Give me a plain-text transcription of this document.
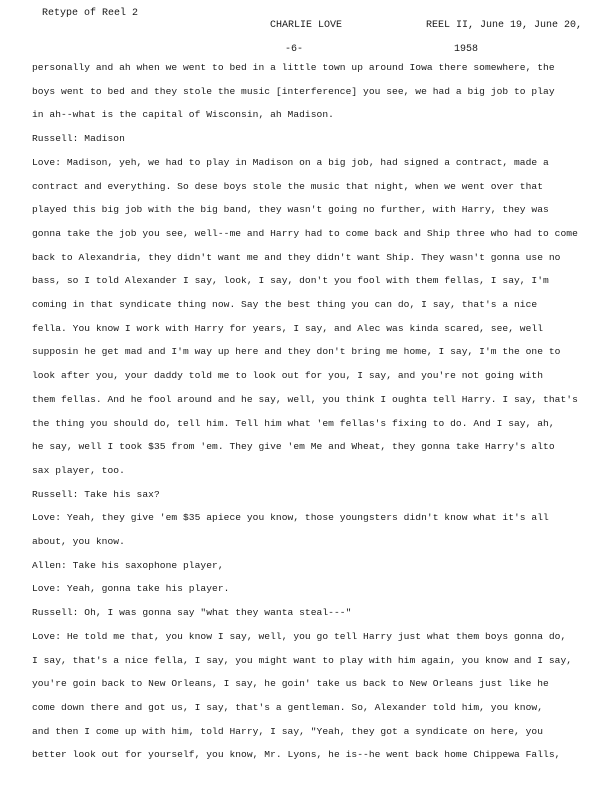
Retype of Reel 2

CHARLIE LOVE

-6-

REEL II, June 19, June 20,

1958

personally and ah when we went to bed in a little town up around Iowa there somewhere, the
boys went to bed and they stole the music [interference] you see, we had a big job to play
in ah--what is the capital of Wisconsin, ah Madison.
Russell: Madison
Love: Madison, yeh, we had to play in Madison on a big job, had signed a contract, made a
contract and everything. So dese boys stole the music that night, when we went over that
played this big job with the big band, they wasn't going no further, with Harry, they was
gonna take the job you see, well--me and Harry had to come back and Ship three who had to come
back to Alexandria, they didn't want me and they didn't want Ship. They wasn't gonna use no
bass, so I told Alexander I say, look, I say, don't you fool with them fellas, I say, I'm
coming in that syndicate thing now. Say the best thing you can do, I say, that's a nice
fella. You know I work with Harry for years, I say, and Alec was kinda scared, see, well
supposin he get mad and I'm way up here and they don't bring me home, I say, I'm the one to
look after you, your daddy told me to look out for you, I say, and you're not going with
them fellas. And he fool around and he say, well, you think I oughta tell Harry. I say, that's
the thing you should do, tell him. Tell him what 'em fellas's fixing to do. And I say, ah,
he say, well I took $35 from 'em. They give 'em Me and Wheat, they gonna take Harry's alto
sax player, too.
Russell: Take his sax?
Love: Yeah, they give 'em $35 apiece you know, those youngsters didn't know what it's all
about, you know.
Allen: Take his saxophone player,
Love: Yeah, gonna take his player.
Russell: Oh, I was gonna say "what they wanta steal---"
Love: He told me that, you know I say, well, you go tell Harry just what them boys gonna do,
I say, that's a nice fella, I say, you might want to play with him again, you know and I say,
you're goin back to New Orleans, I say, he goin' take us back to New Orleans just like he
come down there and got us, I say, that's a gentleman. So, Alexander told him, you know,
and then I come up with him, told Harry, I say, "Yeah, they got a syndicate on here, you
better look out for yourself, you know, Mr. Lyons, he is--he went back home Chippewa Falls,
